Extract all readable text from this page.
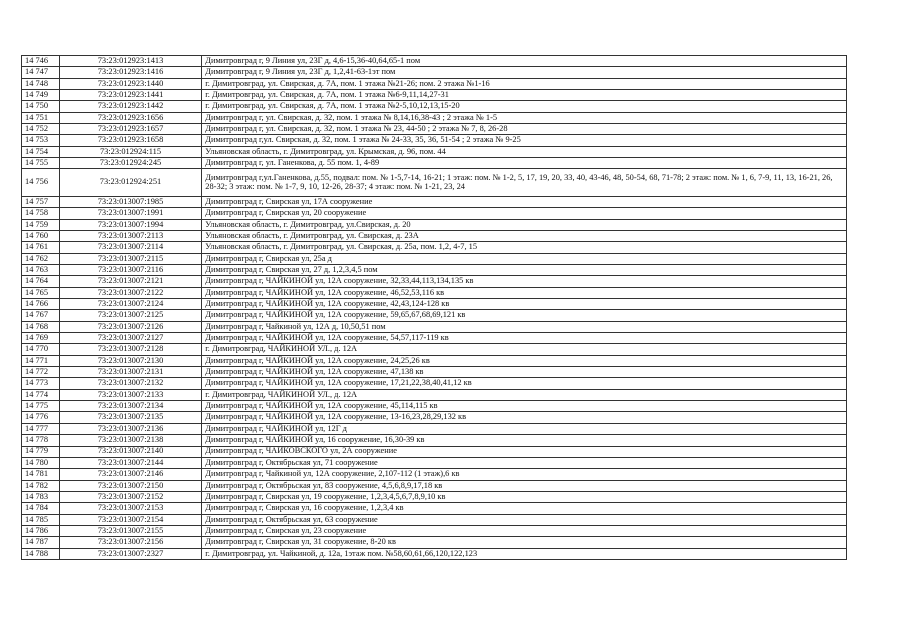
14 746	73:23:012923:1413	Димитровград г, 9 Линия ул, 23Г д, 4,6-15,36-40,64,65-1 пом
14 747	73:23:012923:1416	Димитровград г, 9 Линия ул, 23Г д, 1,2,41-63-1эт пом
14 748	73:23:012923:1440	г. Димитровград, ул. Свирская, д. 7А, пом. 1 этажа №21-26; пом. 2 этажа №1-16
14 749	73:23:012923:1441	г. Димитровград, ул. Свирская, д. 7А, пом. 1 этажа №6-9,11,14,27-31
14 750	73:23:012923:1442	г. Димитровград, ул. Свирская, д. 7А, пом. 1 этажа №2-5,10,12,13,15-20
14 751	73:23:012923:1656	Димитровград г, ул. Свирская, д. 32, пом. 1 этажа № 8,14,16,38-43 ; 2 этажа № 1-5
14 752	73:23:012923:1657	Димитровград г, ул. Свирская, д. 32, пом. 1 этажа № 23, 44-50 ; 2 этажа № 7, 8, 26-28
14 753	73:23:012923:1658	Димитровград г,ул. Свирская, д. 32, пом. 1 этажа № 24-33, 35, 36, 51-54 ; 2 этажа № 9-25
14 754	73:23:012924:115	Ульяновская область, г. Димитровград, ул. Крымская, д. 96, пом. 44
14 755	73:23:012924:245	Димитровград г, ул. Ганенкова, д. 55 пом. 1, 4-89
14 756	73:23:012924:251	Димитровград г,ул.Ганенкова, д.55, подвал: пом. № 1-5,7-14, 16-21; 1 этаж: пом. № 1-2, 5, 17, 19, 20, 33, 40, 43-46, 48, 50-54, 68, 71-78; 2 этаж: пом. № 1, 6, 7-9, 11, 13, 16-21, 26, 28-32; 3 этаж: пом. № 1-7, 9, 10, 12-26, 28-37; 4 этаж: пом. № 1-21, 23, 24
14 757	73:23:013007:1985	Димитровград г, Свирская ул, 17А сооружение
14 758	73:23:013007:1991	Димитровград г, Свирская ул, 20 сооружение
14 759	73:23:013007:1994	Ульяновская область, г. Димитровград, ул.Свирская, д. 20
14 760	73:23:013007:2113	Ульяновская область, г. Димитровград, ул. Свирская, д. 23А
14 761	73:23:013007:2114	Ульяновская область, г. Димитровград, ул. Свирская, д. 25а, пом. 1,2, 4-7, 15
14 762	73:23:013007:2115	Димитровград г, Свирская ул, 25а д
14 763	73:23:013007:2116	Димитровград г, Свирская ул, 27 д, 1,2,3,4,5 пом
14 764	73:23:013007:2121	Димитровград г, ЧАЙКИНОЙ ул, 12А сооружение, 32,33,44,113,134,135 кв
14 765	73:23:013007:2122	Димитровград г, ЧАЙКИНОЙ ул, 12А сооружение, 46,52,53,116 кв
14 766	73:23:013007:2124	Димитровград г, ЧАЙКИНОЙ ул, 12А сооружение, 42,43,124-128 кв
14 767	73:23:013007:2125	Димитровград г, ЧАЙКИНОЙ ул, 12А сооружение, 59,65,67,68,69,121 кв
14 768	73:23:013007:2126	Димитровград г, Чайкиной ул, 12А д, 10,50,51 пом
14 769	73:23:013007:2127	Димитровград г, ЧАЙКИНОЙ ул, 12А сооружение, 54,57,117-119 кв
14 770	73:23:013007:2128	г. Димитровград, ЧАЙКИНОЙ УЛ., д. 12А
14 771	73:23:013007:2130	Димитровград г, ЧАЙКИНОЙ ул, 12А сооружение, 24,25,26 кв
14 772	73:23:013007:2131	Димитровград г, ЧАЙКИНОЙ ул, 12А сооружение, 47,138 кв
14 773	73:23:013007:2132	Димитровград г, ЧАЙКИНОЙ ул, 12А сооружение, 17,21,22,38,40,41,12 кв
14 774	73:23:013007:2133	г. Димитровград, ЧАЙКИНОЙ УЛ., д. 12А
14 775	73:23:013007:2134	Димитровград г, ЧАЙКИНОЙ ул, 12А сооружение, 45,114,115 кв
14 776	73:23:013007:2135	Димитровград г, ЧАЙКИНОЙ ул, 12А сооружение, 13-16,23,28,29,132 кв
14 777	73:23:013007:2136	Димитровград г, ЧАЙКИНОЙ ул, 12Г д
14 778	73:23:013007:2138	Димитровград г, ЧАЙКИНОЙ ул, 16 сооружение, 16,30-39 кв
14 779	73:23:013007:2140	Димитровград г, ЧАЙКОВСКОГО ул, 2А сооружение
14 780	73:23:013007:2144	Димитровград г, Октябрьская ул, 71 сооружение
14 781	73:23:013007:2146	Димитровград г, Чайкиной ул, 12А сооружение, 2,107-112 (1 этаж),6 кв
14 782	73:23:013007:2150	Димитровград г, Октябрьская ул, 83 сооружение, 4,5,6,8,9,17,18 кв
14 783	73:23:013007:2152	Димитровград г, Свирская ул, 19 сооружение, 1,2,3,4,5,6,7,8,9,10 кв
14 784	73:23:013007:2153	Димитровград г, Свирская ул, 16 сооружение, 1,2,3,4 кв
14 785	73:23:013007:2154	Димитровград г, Октябрьская ул, 63 сооружение
14 786	73:23:013007:2155	Димитровград г, Свирская ул, 23 сооружение
14 787	73:23:013007:2156	Димитровград г, Свирская ул, 31 сооружение, 8-20 кв
14 788	73:23:013007:2327	г. Димитровград, ул. Чайкиной, д. 12а, 1этаж пом. №58,60,61,66,120,122,123
